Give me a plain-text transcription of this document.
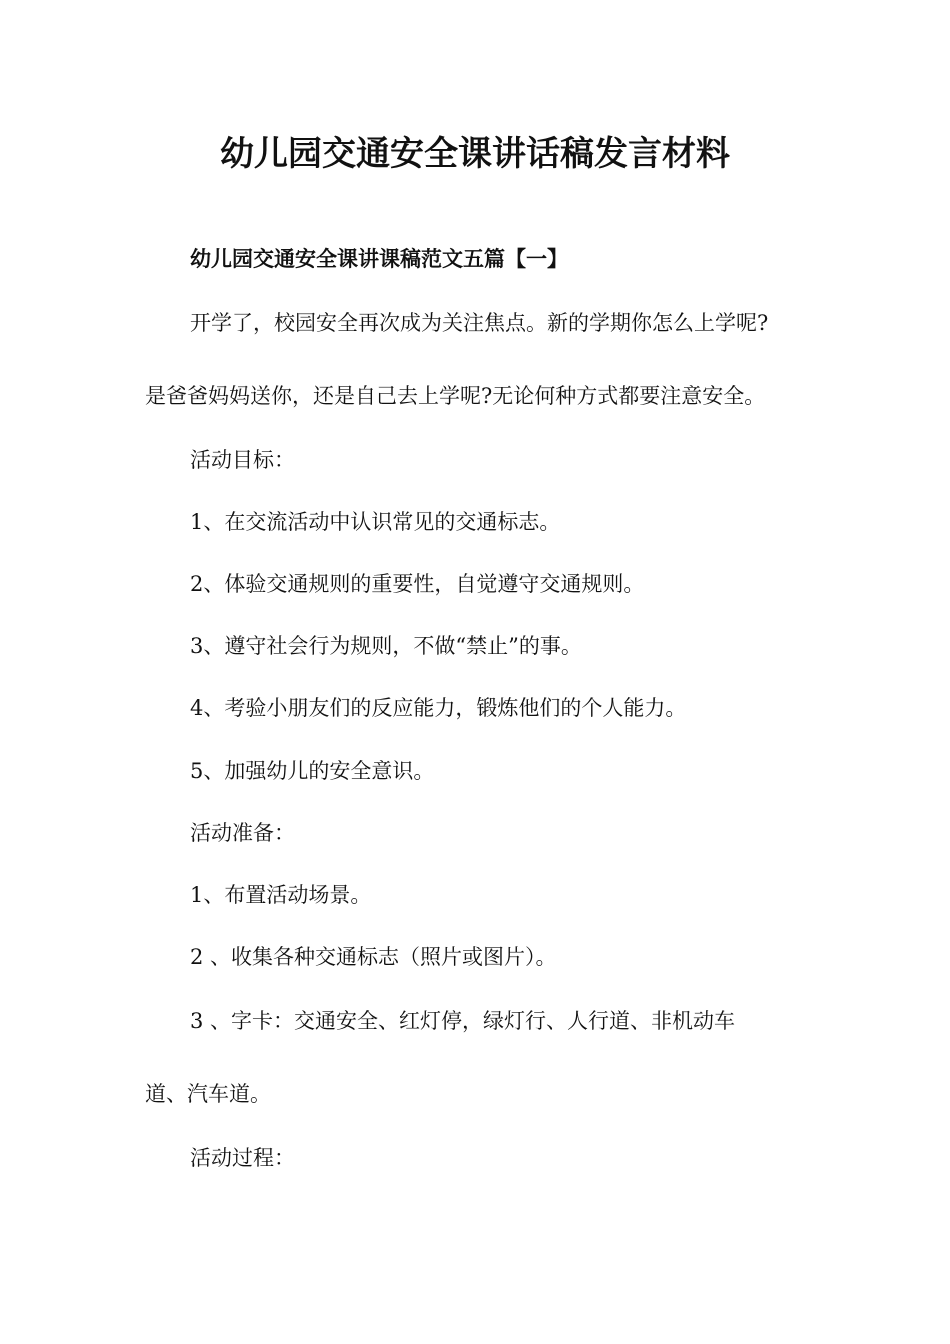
幼儿园交通安全课讲话稿发言材料
幼儿园交通安全课讲课稿范文五篇【一】
开学了，校园安全再次成为关注焦点。新的学期你怎么上学呢?
是爸爸妈妈送你，还是自己去上学呢?无论何种方式都要注意安全。
活动目标：
1、在交流活动中认识常见的交通标志。
2、体验交通规则的重要性，自觉遵守交通规则。
3、遵守社会行为规则，不做“禁止”的事。
4、考验小朋友们的反应能力，锻炼他们的个人能力。
5、加强幼儿的安全意识。
活动准备：
1、布置活动场景。
2 、收集各种交通标志（照片或图片）。
3 、字卡：交通安全、红灯停，绿灯行、人行道、非机动车
道、汽车道。
活动过程：
